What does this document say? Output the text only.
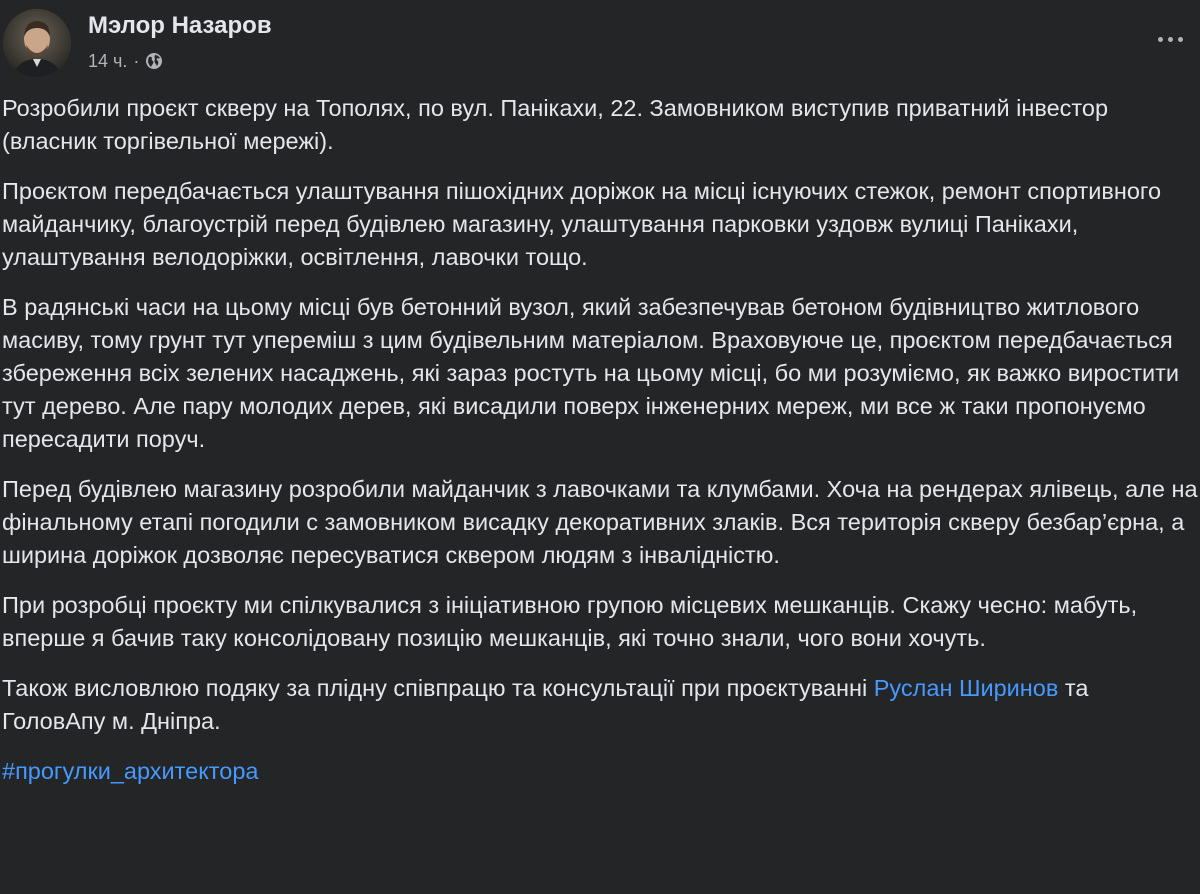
Мэлор Назаров
14 ч. ·

Розробили проєкт скверу на Тополях, по вул. Панікахи, 22. Замовником виступив приватний інвестор (власник торгівельної мережі).

Проєктом передбачається улаштування пішохідних доріжок на місці існуючих стежок, ремонт спортивного майданчику, благоустрій перед будівлею магазину, улаштування парковки уздовж вулиці Панікахи, улаштування велодоріжки, освітлення, лавочки тощо.

В радянські часи на цьому місці був бетонний вузол, який забезпечував бетоном будівництво житлового масиву, тому грунт тут упереміш з цим будівельним матеріалом. Враховуюче це, проєктом передбачається збереження всіх зелених насаджень, які зараз ростуть на цьому місці, бо ми розуміємо, як важко виростити тут дерево. Але пару молодих дерев, які висадили поверх інженерних мереж, ми все ж таки пропонуємо пересадити поруч.

Перед будівлею магазину розробили майданчик з лавочками та клумбами. Хоча на рендерах ялівець, але на фінальному етапі погодили с замовником висадку декоративних злаків. Вся територія скверу безбар’єрна, а ширина доріжок дозволяє пересуватися сквером людям з інвалідністю.

При розробці проєкту ми спілкувалися з ініціативною групою місцевих мешканців. Скажу чесно: мабуть, вперше я бачив таку консолідовану позицію мешканців, які точно знали, чого вони хочуть.

Також висловлюю подяку за плідну співпрацю та консультації при проєктуванні Руслан Ширинов та ГоловАпу м. Дніпра.

#прогулки_архитектора
